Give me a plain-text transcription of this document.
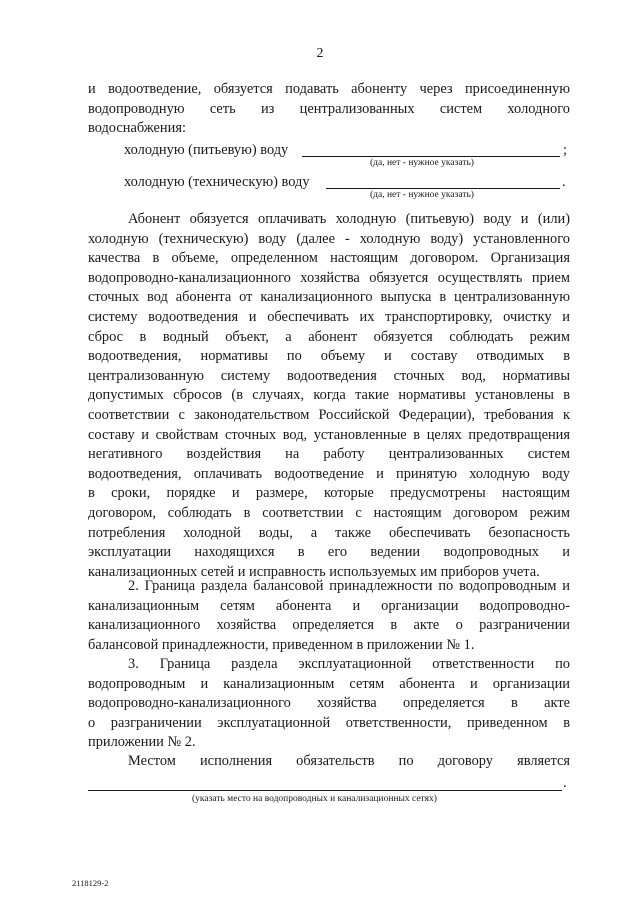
2
и водоотведение, обязуется подавать абоненту через присоединенную
водопроводную сеть из централизованных систем холодного
водоснабжения:
холодную (питьевую) воду	;
(да, нет - нужное указать)
холодную (техническую) воду	.
(да, нет - нужное указать)
Абонент обязуется оплачивать холодную (питьевую) воду и (или)
холодную (техническую) воду (далее - холодную воду) установленного
качества в объеме, определенном настоящим договором. Организация
водопроводно-канализационного хозяйства обязуется осуществлять прием
сточных вод абонента от канализационного выпуска в централизованную
систему водоотведения и обеспечивать их транспортировку, очистку и
сброс в водный объект, а абонент обязуется соблюдать режим
водоотведения, нормативы по объему и составу отводимых в
централизованную систему водоотведения сточных вод, нормативы
допустимых сбросов (в случаях, когда такие нормативы установлены в
соответствии с законодательством Российской Федерации), требования к
составу и свойствам сточных вод, установленные в целях предотвращения
негативного воздействия на работу централизованных систем
водоотведения, оплачивать водоотведение и принятую холодную воду
в сроки, порядке и размере, которые предусмотрены настоящим
договором, соблюдать в соответствии с настоящим договором режим
потребления холодной воды, а также обеспечивать безопасность
эксплуатации находящихся в его ведении водопроводных и
канализационных сетей и исправность используемых им приборов учета.
2. Граница раздела балансовой принадлежности по водопроводным и
канализационным сетям абонента и организации водопроводно-
канализационного хозяйства определяется в акте о разграничении
балансовой принадлежности, приведенном в приложении № 1.
3. Граница раздела эксплуатационной ответственности по
водопроводным и канализационным сетям абонента и организации
водопроводно-канализационного хозяйства определяется в акте
о разграничении эксплуатационной ответственности, приведенном в
приложении № 2.
Местом исполнения обязательств по договору является
.
(указать место на водопроводных и канализационных сетях)
2118129-2
